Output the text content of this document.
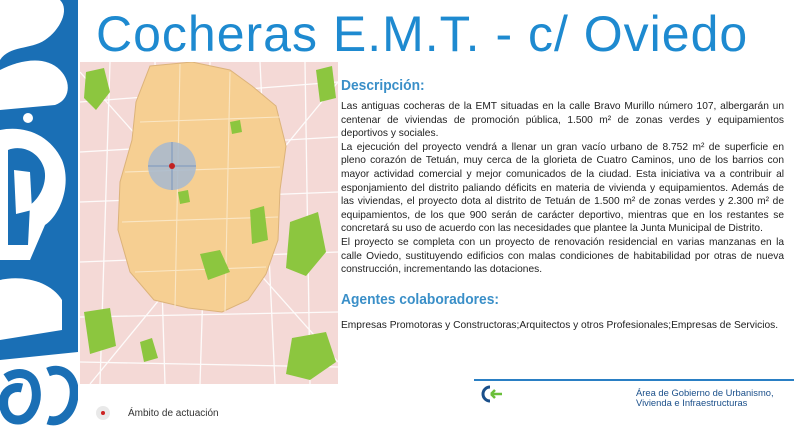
Cocheras E.M.T. - c/ Oviedo
Descripción:

Las antiguas cocheras de la EMT situadas en la calle Bravo Murillo número 107, albergarán un centenar de viviendas de promoción pública, 1.500 m² de zonas verdes y equipamientos deportivos y sociales.

La ejecución del proyecto vendrá a llenar un gran vacío urbano de 8.752 m² de superficie en pleno corazón de Tetuán, muy cerca de la glorieta de Cuatro Caminos, uno de los barrios con mayor actividad comercial y mejor comunicados de la ciudad. Esta iniciativa va a contribuir al esponjamiento del distrito paliando déficits en materia de vivienda y equipamientos. Además de las viviendas, el proyecto dota al distrito de Tetuán de 1.500 m² de zonas verdes y 2.300 m² de equipamientos, de los que 900 serán de carácter deportivo, mientras que en los restantes se concretará su uso de acuerdo con las necesidades que plantee la Junta Municipal de Distrito.

El proyecto se completa con un proyecto de renovación residencial en varias manzanas en la calle Oviedo, sustituyendo edificios con malas condiciones de habitabilidad por otras de nueva construcción, incrementando las dotaciones.

Agentes colaboradores:

Empresas Promotoras y Constructoras;Arquitectos y otros Profesionales;Empresas de Servicios.

Área de Gobierno de Urbanismo,
Vivienda e Infraestructuras
Ámbito de actuación
